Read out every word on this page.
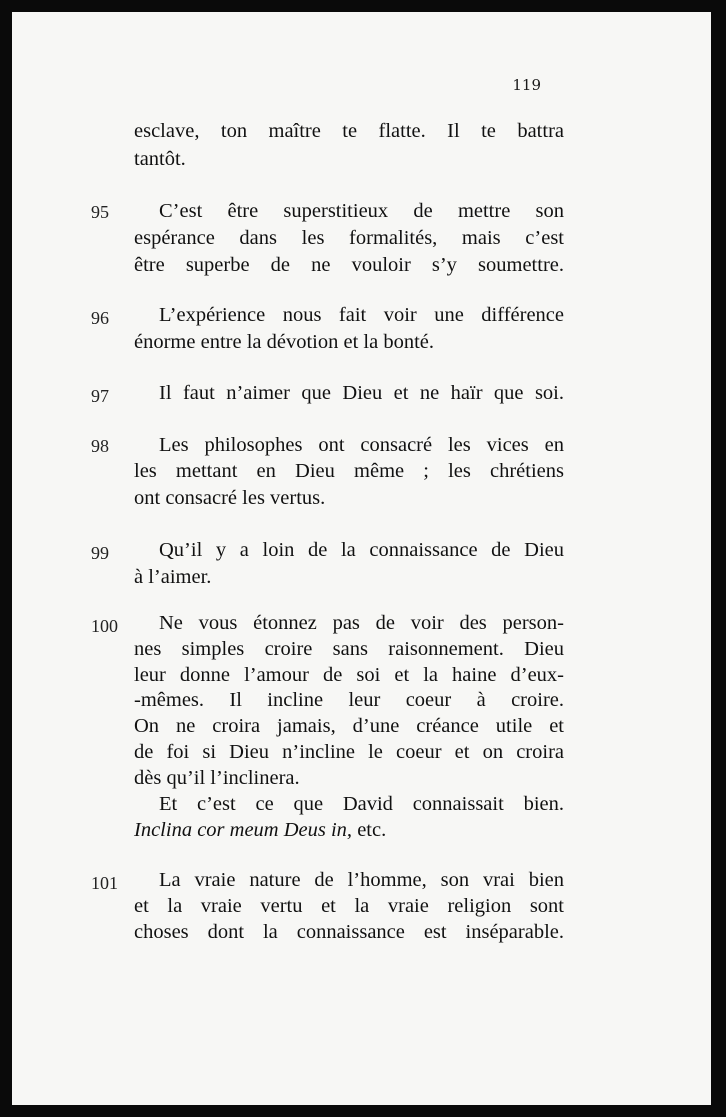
119
esclave, ton maître te flatte. Il te battra
tantôt.
95 C’est être superstitieux de mettre son
espérance dans les formalités, mais c’est
être superbe de ne vouloir s’y soumettre.
96 L’expérience nous fait voir une différence
énorme entre la dévotion et la bonté.
97 Il faut n’aimer que Dieu et ne haïr que soi.
98 Les philosophes ont consacré les vices en
les mettant en Dieu même ; les chrétiens
ont consacré les vertus.
99 Qu’il y a loin de la connaissance de Dieu
à l’aimer.
100 Ne vous étonnez pas de voir des person-
nes simples croire sans raisonnement. Dieu
leur donne l’amour de soi et la haine d’eux-
-mêmes. Il incline leur coeur à croire.
On ne croira jamais, d’une créance utile et
de foi si Dieu n’incline le coeur et on croira
dès qu’il l’inclinera.
Et c’est ce que David connaissait bien.
Inclina cor meum Deus in, etc.
101 La vraie nature de l’homme, son vrai bien
et la vraie vertu et la vraie religion sont
choses dont la connaissance est inséparable.
